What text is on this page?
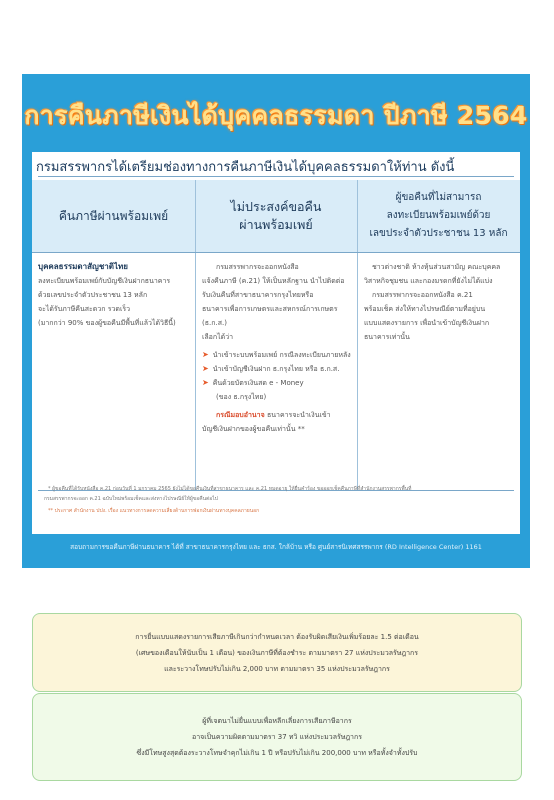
การคืนภาษีเงินได้บุคคลธรรมดา ปีภาษี 2564
กรมสรรพากรได้เตรียมช่องทางการคืนภาษีเงินได้บุคคลธรรมดาให้ท่าน ดังนี้
คืนภาษีผ่านพร้อมเพย์
ไม่ประสงค์ขอคืน
ผ่านพร้อมเพย์
ผู้ขอคืนที่ไม่สามารถ
ลงทะเบียนพร้อมเพย์ด้วย
เลขประจำตัวประชาชน 13 หลัก
บุคคลธรรมดาสัญชาติไทย
ลงทะเบียนพร้อมเพย์กับบัญชีเงินฝากธนาคาร
ด้วยเลขประจำตัวประชาชน 13 หลัก
จะได้รับภาษีคืนสะดวก รวดเร็ว
(มากกว่า 90% ของผู้ขอคืนมีพื้นที่แล้วได้วิธีนี้)
กรมสรรพากรจะออกหนังสือ
แจ้งคืนภาษี (ค.21) ให้เป็นหลักฐาน นำไปติดต่อ
รับเงินคืนที่สาขาธนาคารกรุงไทยหรือ
ธนาคารเพื่อการเกษตรและสหกรณ์การเกษตร
(ธ.ก.ส.)
เลือกได้ว่า
➤ นำเข้าระบบพร้อมเพย์ กรณีลงทะเบียนภายหลัง
➤ นำเข้าบัญชีเงินฝาก ธ.กรุงไทย หรือ ธ.ก.ส.
➤ คืนด้วยบัตรเงินสด e - Money
(ของ ธ.กรุงไทย)
กรณีมอบอำนาจ ธนาคารจะนำเงินเข้า
บัญชีเงินฝากของผู้ขอคืนเท่านั้น **
ชาวต่างชาติ ห้างหุ้นส่วนสามัญ คณะบุคคล
วิสาหกิจชุมชน และกองมรดกที่ยังไม่ได้แบ่ง
กรมสรรพากรจะออกหนังสือ ค.21
พร้อมเช็ค ส่งให้ทางไปรษณีย์ตามที่อยู่บน
แบบแสดงรายการ เพื่อนำเข้าบัญชีเงินฝาก
ธนาคารเท่านั้น
* ผู้ขอคืนที่ได้รับหนังสือ ค.21 ก่อนวันที่ 1 มกราคม 2565 ยังไม่ได้ขอคืนเงินที่สาขาธนาคาร และ ค.21 หมดอายุ ให้ยื่นคำร้อง ขอออกเช็คคืนภาษีที่สำนักงานสรรพากรพื้นที่
กรมสรรพากรจะออก ค.21 ฉบับใหม่พร้อมเช็คและส่งทางไปรษณีย์ให้ผู้ขอคืนต่อไป
** ประกาศ สำนักงาน ปปง. เรื่อง แนวทางการลดความเสี่ยงด้านการฟอกเงินผ่านทางบุคคลภายนอก
สอบถามการขอคืนภาษีผ่านธนาคาร ได้ที่ สาขาธนาคารกรุงไทย และ ธกส. ใกล้บ้าน หรือ ศูนย์สารนิเทศสรรพากร (RD Intelligence Center) 1161
การยื่นแบบแสดงรายการเสียภาษีเกินกว่ากำหนดเวลา ต้องรับผิดเสียเงินเพิ่มร้อยละ 1.5 ต่อเดือน
(เศษของเดือนให้นับเป็น 1 เดือน) ของเงินภาษีที่ต้องชำระ ตามมาตรา 27 แห่งประมวลรัษฎากร
และระวางโทษปรับไม่เกิน 2,000 บาท ตามมาตรา 35 แห่งประมวลรัษฎากร
ผู้ที่เจตนาไม่ยื่นแบบเพื่อหลีกเลี่ยงการเสียภาษีอากร
อาจเป็นความผิดตามมาตรา 37 ทวิ แห่งประมวลรัษฎากร
ซึ่งมีโทษสูงสุดต้องระวางโทษจำคุกไม่เกิน 1 ปี หรือปรับไม่เกิน 200,000 บาท หรือทั้งจำทั้งปรับ
